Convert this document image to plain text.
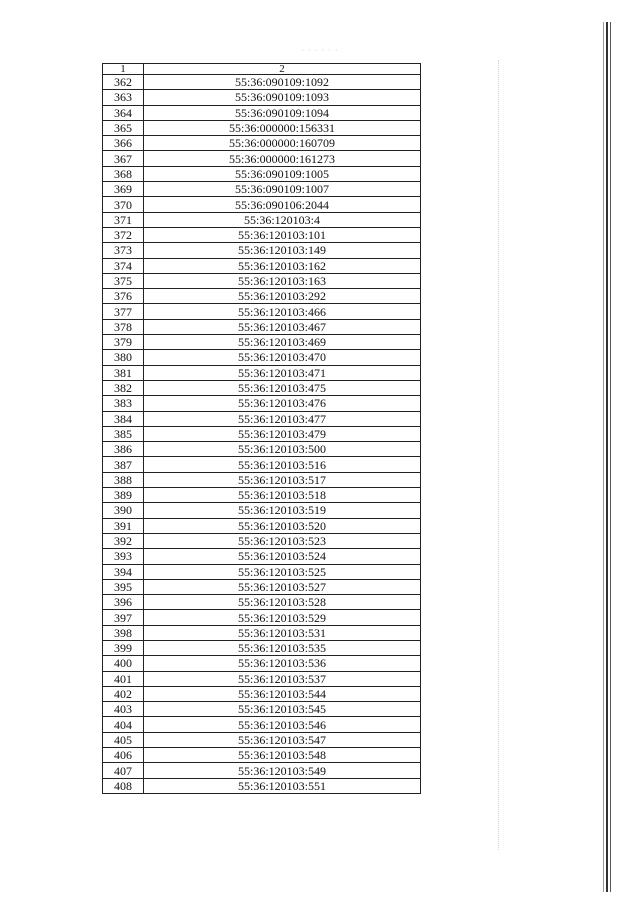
· · · · · ·
1	2
362	55:36:090109:1092
363	55:36:090109:1093
364	55:36:090109:1094
365	55:36:000000:156331
366	55:36:000000:160709
367	55:36:000000:161273
368	55:36:090109:1005
369	55:36:090109:1007
370	55:36:090106:2044
371	55:36:120103:4
372	55:36:120103:101
373	55:36:120103:149
374	55:36:120103:162
375	55:36:120103:163
376	55:36:120103:292
377	55:36:120103:466
378	55:36:120103:467
379	55:36:120103:469
380	55:36:120103:470
381	55:36:120103:471
382	55:36:120103:475
383	55:36:120103:476
384	55:36:120103:477
385	55:36:120103:479
386	55:36:120103:500
387	55:36:120103:516
388	55:36:120103:517
389	55:36:120103:518
390	55:36:120103:519
391	55:36:120103:520
392	55:36:120103:523
393	55:36:120103:524
394	55:36:120103:525
395	55:36:120103:527
396	55:36:120103:528
397	55:36:120103:529
398	55:36:120103:531
399	55:36:120103:535
400	55:36:120103:536
401	55:36:120103:537
402	55:36:120103:544
403	55:36:120103:545
404	55:36:120103:546
405	55:36:120103:547
406	55:36:120103:548
407	55:36:120103:549
408	55:36:120103:551
